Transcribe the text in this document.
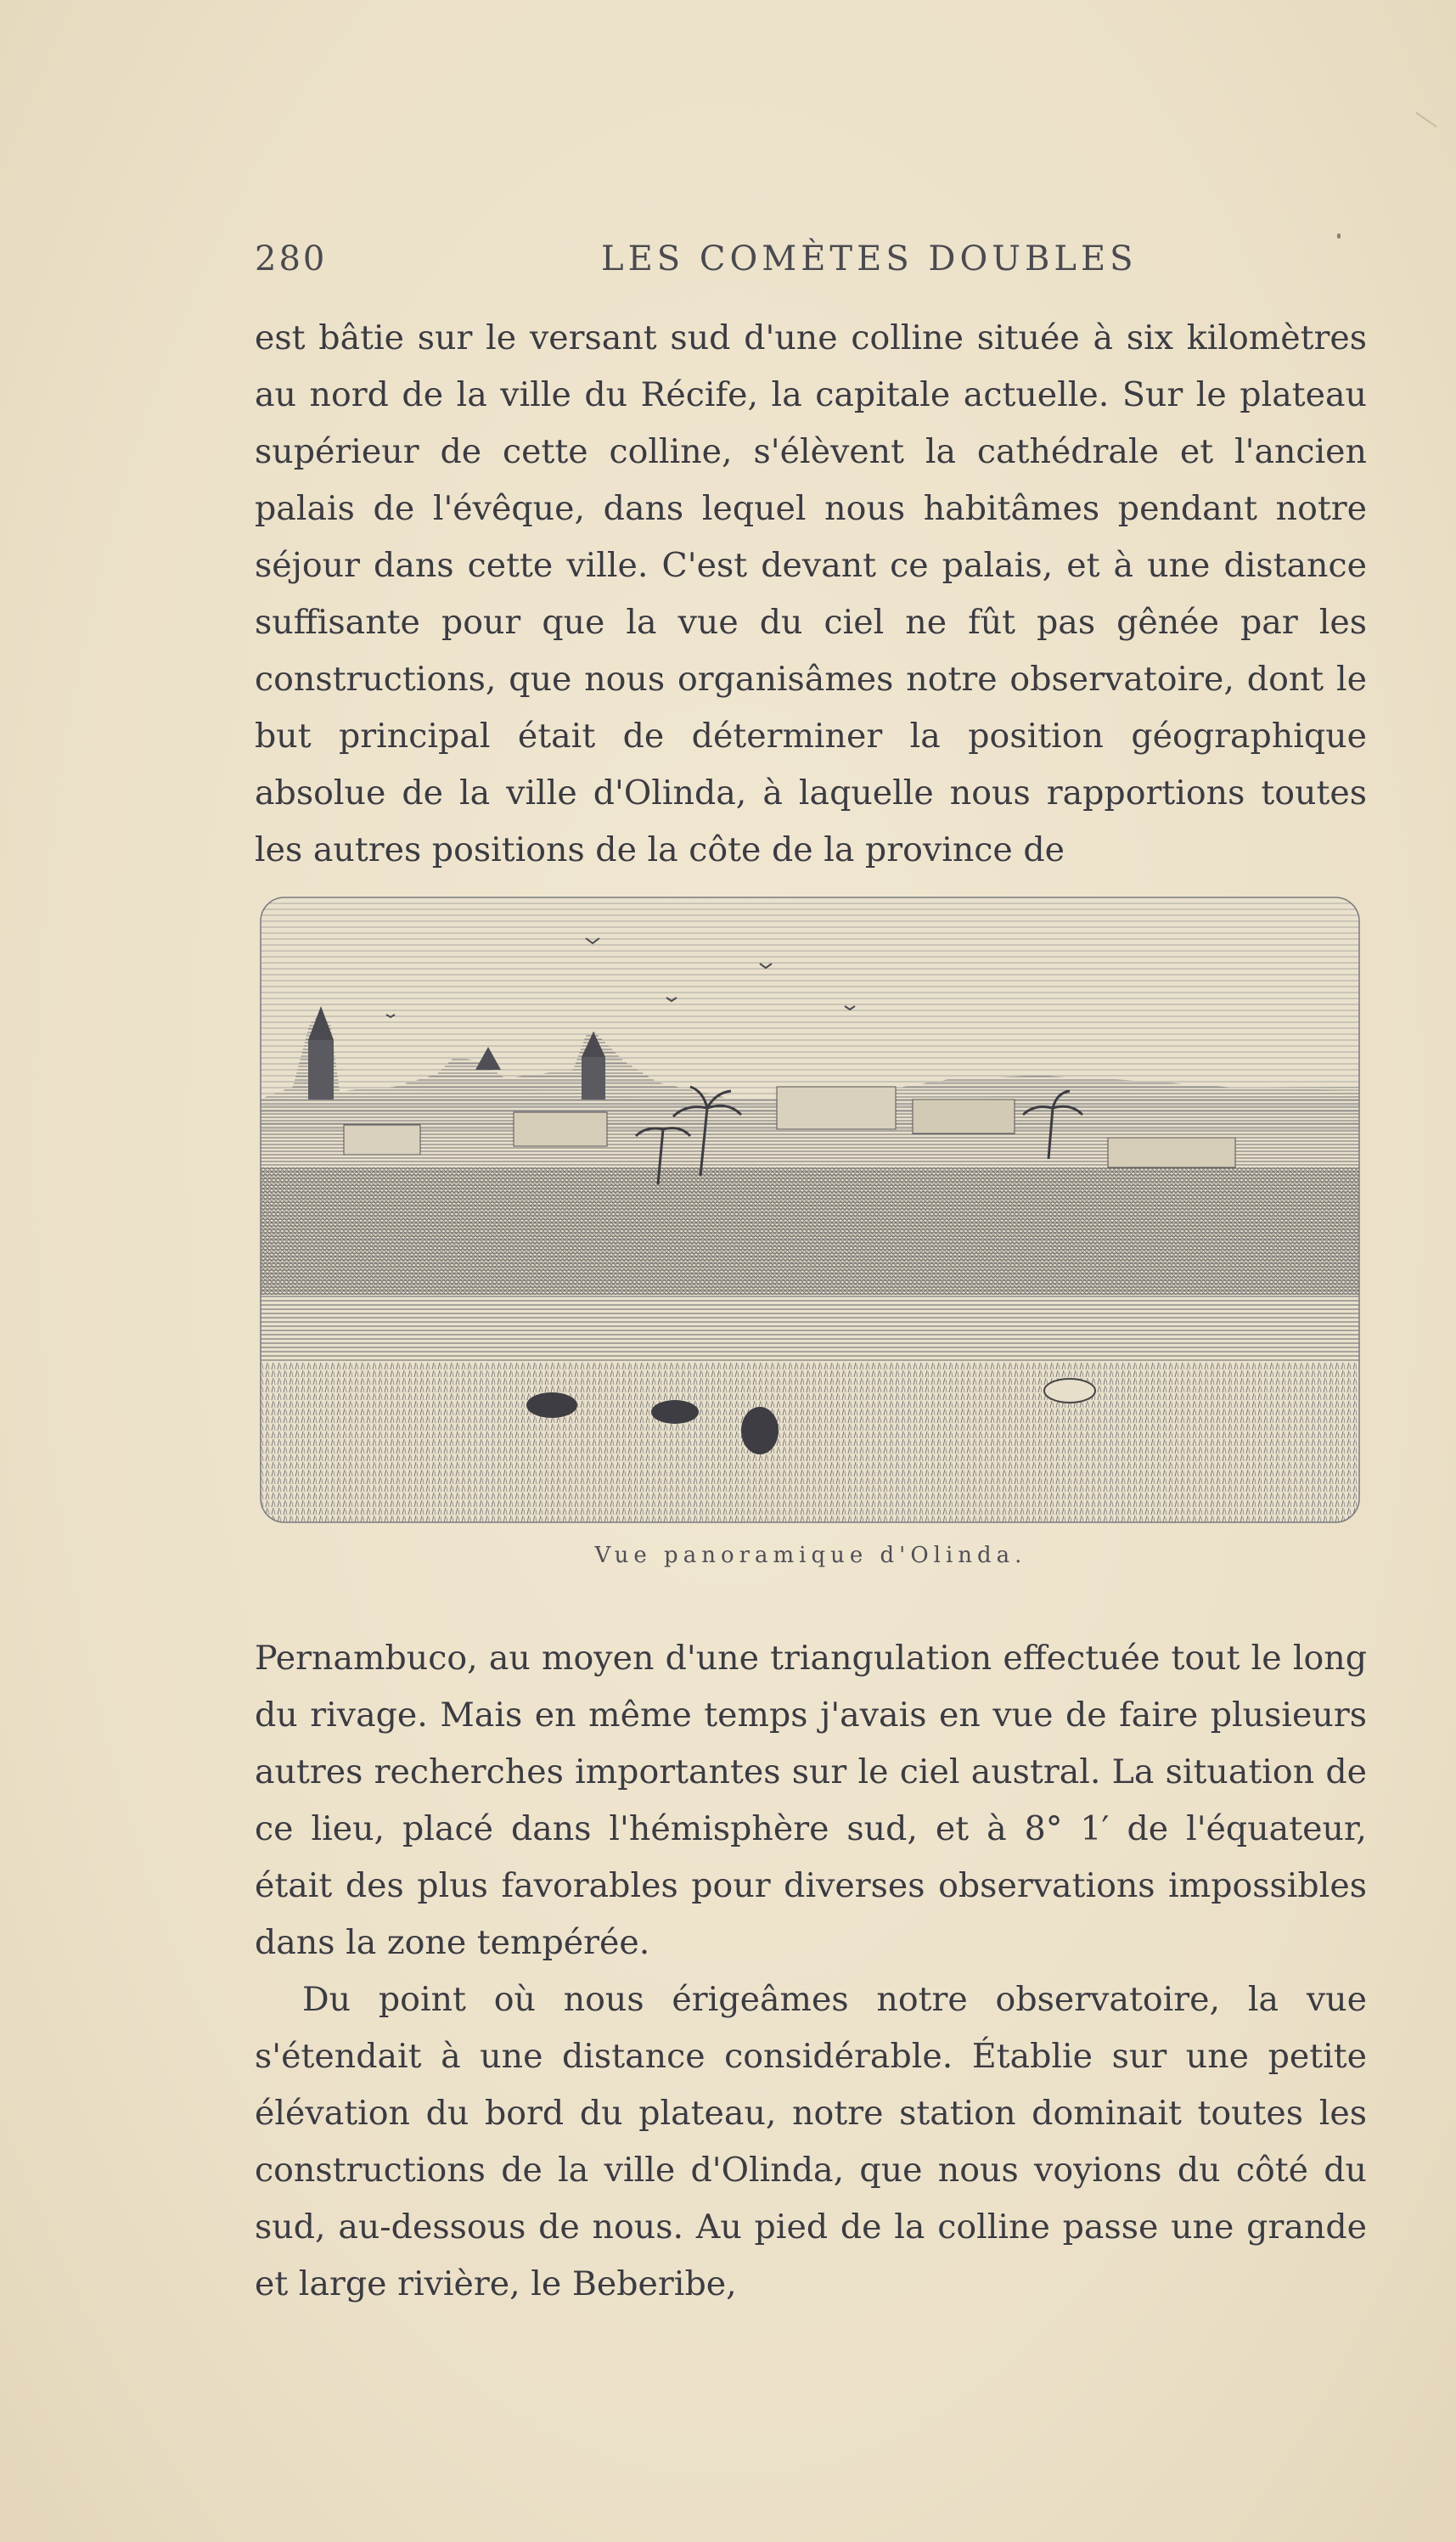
280	LES COMÈTES DOUBLES

est bâtie sur le versant sud d'une colline située à six kilomètres au nord de la ville du Récife, la capitale actuelle. Sur le plateau supérieur de cette colline, s'élèvent la cathédrale et l'ancien palais de l'évêque, dans lequel nous habitâmes pendant notre séjour dans cette ville. C'est devant ce palais, et à une distance suffisante pour que la vue du ciel ne fût pas gênée par les constructions, que nous organisâmes notre observatoire, dont le but principal était de déterminer la position géographique absolue de la ville d'Olinda, à laquelle nous rapportions toutes les autres positions de la côte de la province de

Vue panoramique d'Olinda.

Pernambuco, au moyen d'une triangulation effectuée tout le long du rivage. Mais en même temps j'avais en vue de faire plusieurs autres recherches importantes sur le ciel austral. La situation de ce lieu, placé dans l'hémisphère sud, et à 8° 1′ de l'équateur, était des plus favorables pour diverses observations impossibles dans la zone tempérée.

Du point où nous érigeâmes notre observatoire, la vue s'étendait à une distance considérable. Établie sur une petite élévation du bord du plateau, notre station dominait toutes les constructions de la ville d'Olinda, que nous voyions du côté du sud, au-dessous de nous. Au pied de la colline passe une grande et large rivière, le Beberibe,
